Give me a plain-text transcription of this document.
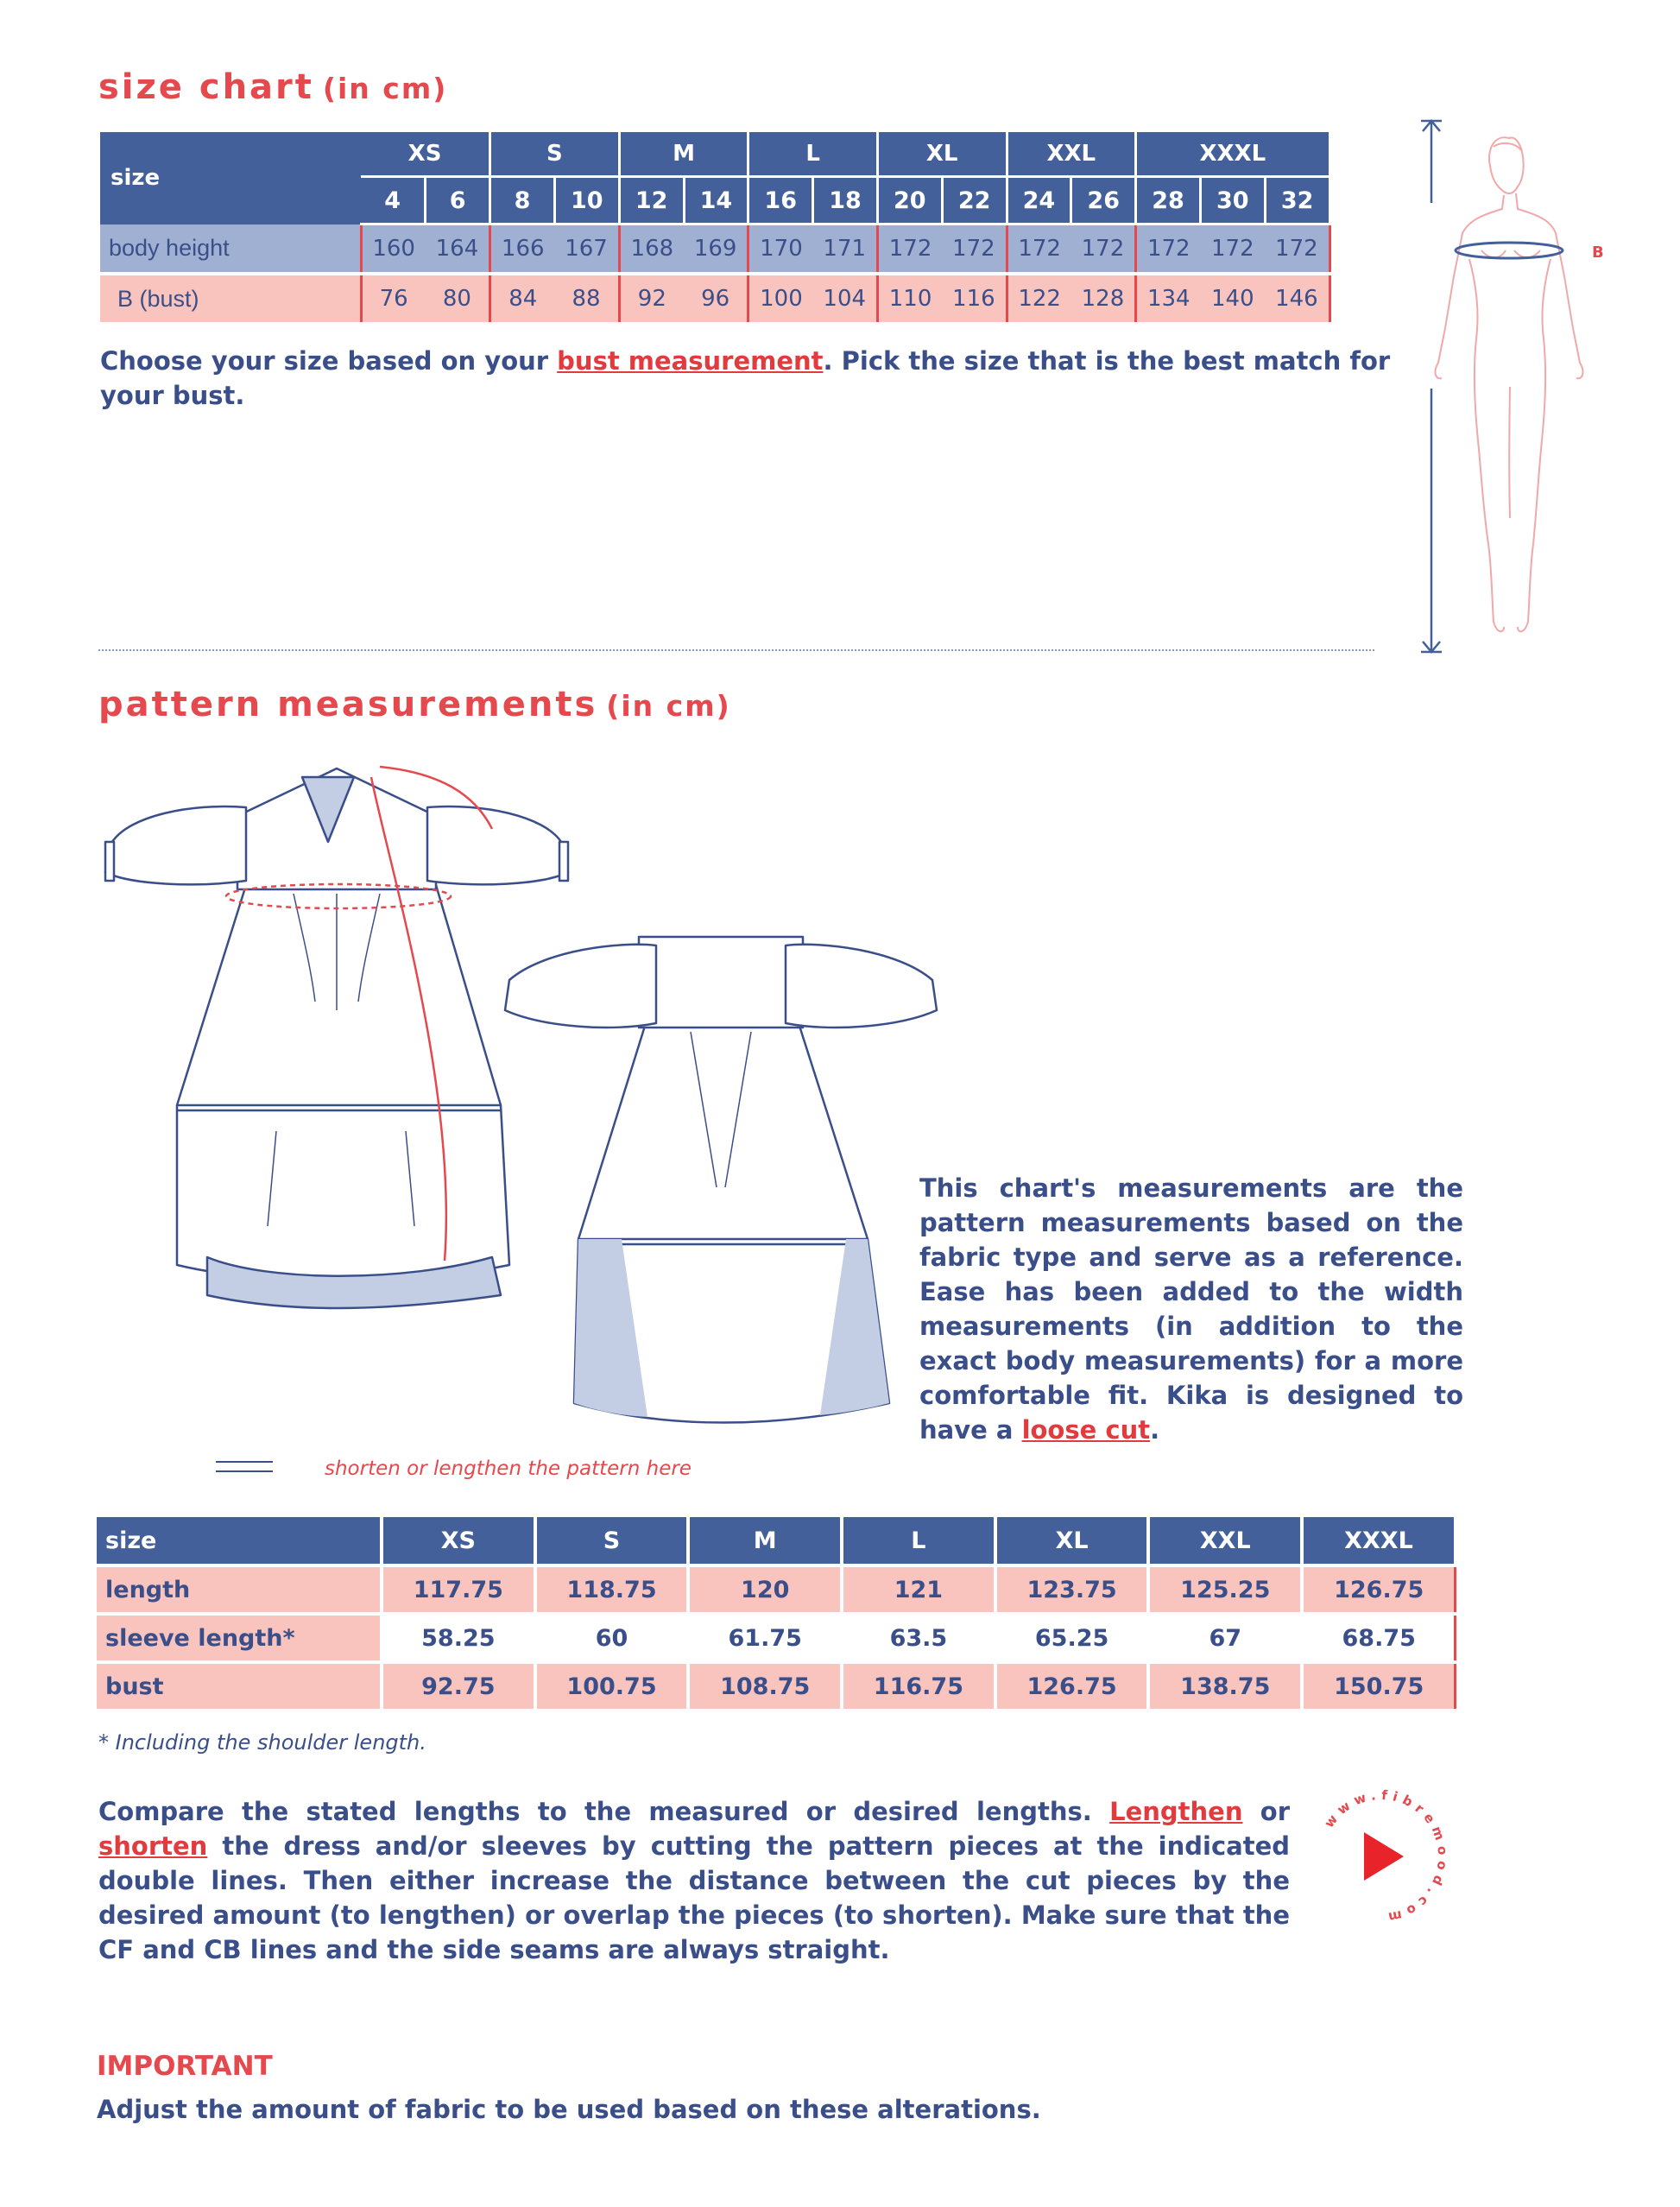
size chart (in cm)
size	XS		S		M		L		XL		XXL		XXXL		
	4	6	8	10	12	14	16	18	20	22	24	26	28	30	32
body height	160	164	166	167	168	169	170	171	172	172	172	172	172	172	172
B (bust)	76	80	84	88	92	96	100	104	110	116	122	128	134	140	146
Choose your size based on your bust measurement. Pick the size that is the best match for your bust.
B
pattern measurements (in cm)
This chart's measurements are the pattern measurements based on the fabric type and serve as a reference. Ease has been added to the width measurements (in addition to the exact body measurements) for a more comfortable fit. Kika is designed to have a loose cut.
shorten or lengthen the pattern here
size	XS	S	M	L	XL	XXL	XXXL
length	117.75	118.75	120	121	123.75	125.25	126.75
sleeve length*	58.25	60	61.75	63.5	65.25	67	68.75
bust	92.75	100.75	108.75	116.75	126.75	138.75	150.75
* Including the shoulder length.
Compare the stated lengths to the measured or desired lengths. Lengthen or shorten the dress and/or sleeves by cutting the pattern pieces at the indicated double lines. Then either increase the distance between the cut pieces by the desired amount (to lengthen) or overlap the pieces (to shorten). Make sure that the CF and CB lines and the side seams are always straight.
www.fibremood.com
IMPORTANT
Adjust the amount of fabric to be used based on these alterations.
